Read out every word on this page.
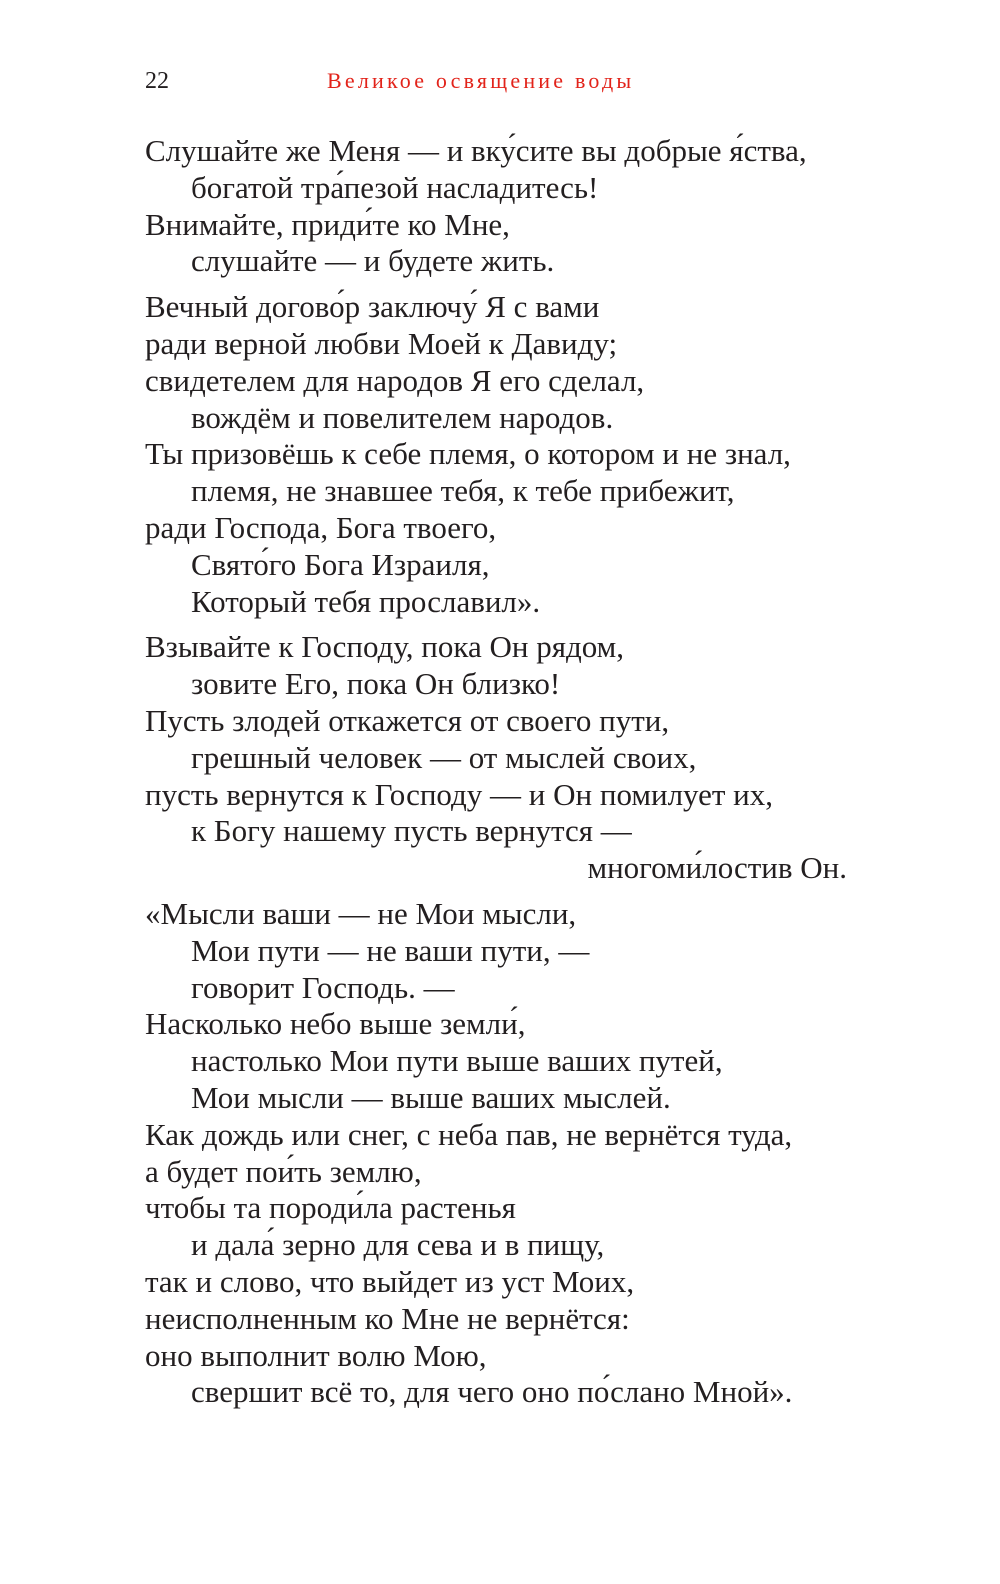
22	Великое освящение воды
Слушайте же Меня — и вку́сите вы добрые я́ства,
богатой тра́пезой насладитесь!
Внимайте, приди́те ко Мне,
слушайте — и будете жить.
Вечный догово́р заключу́ Я с вами
ради верной любви Моей к Давиду;
свидетелем для народов Я его сделал,
вождём и повелителем народов.
Ты призовёшь к себе племя, о котором и не знал,
племя, не знавшее тебя, к тебе прибежит,
ради Господа, Бога твоего,
Свято́го Бога Израиля,
Который тебя прославил».
Взывайте к Господу, пока Он рядом,
зовите Его, пока Он близко!
Пусть злодей откажется от своего пути,
грешный человек — от мыслей своих,
пусть вернутся к Господу — и Он помилует их,
к Богу нашему пусть вернутся —
многоми́лостив Он.
«Мысли ваши — не Мои мысли,
Мои пути — не ваши пути, —
говорит Господь. —
Насколько небо выше земли́,
настолько Мои пути выше ваших путей,
Мои мысли — выше ваших мыслей.
Как дождь или снег, с неба пав, не вернётся туда,
а будет пои́ть землю,
чтобы та породи́ла растенья
и дала́ зерно для сева и в пищу,
так и слово, что выйдет из уст Моих,
неисполненным ко Мне не вернётся:
оно выполнит волю Мою,
свершит всё то, для чего оно по́слано Мной».
